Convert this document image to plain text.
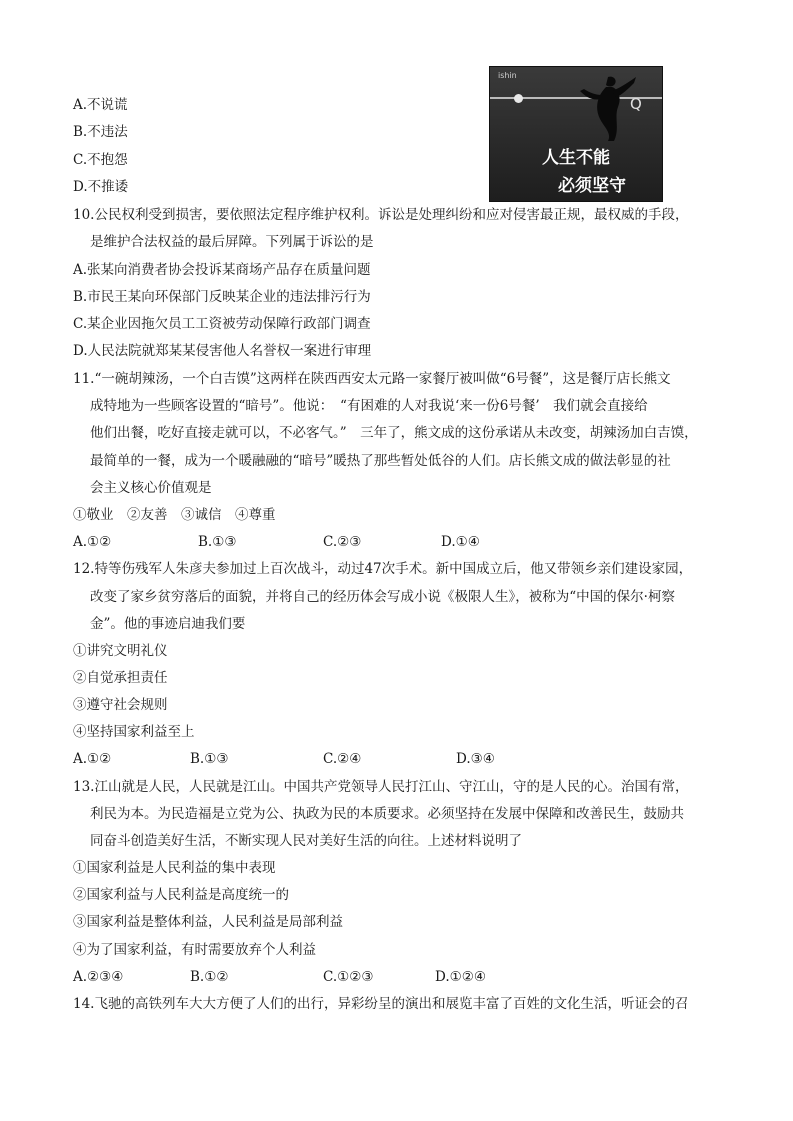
ishin
Q
人生不能
必须坚守
A.不说谎
B.不违法
C.不抱怨
D.不推诿
10.公民权利受到损害，要依照法定程序维护权利。诉讼是处理纠纷和应对侵害最正规，最权威的手段，
是维护合法权益的最后屏障。下列属于诉讼的是
A.张某向消费者协会投诉某商场产品存在质量问题
B.市民王某向环保部门反映某企业的违法排污行为
C.某企业因拖欠员工工资被劳动保障行政部门调查
D.人民法院就郑某某侵害他人名誉权一案进行审理
11.“一碗胡辣汤，一个白吉馍”这两样在陕西西安太元路一家餐厅被叫做“6号餐”，这是餐厅店长熊文
成特地为一些顾客设置的“暗号”。他说：　“有困难的人对我说‘来一份6号餐’　我们就会直接给
他们出餐，吃好直接走就可以，不必客气。”　三年了，熊文成的这份承诺从未改变，胡辣汤加白吉馍，
最简单的一餐，成为一个暖融融的“暗号”暖热了那些暂处低谷的人们。店长熊文成的做法彰显的社
会主义核心价值观是
①敬业　②友善　③诚信　④尊重
A.①②	B.①③	C.②③	D.①④
12.特等伤残军人朱彦夫参加过上百次战斗，动过47次手术。新中国成立后，他又带领乡亲们建设家园，
改变了家乡贫穷落后的面貌，并将自己的经历体会写成小说《极限人生》，被称为“中国的保尔·柯察
金”。他的事迹启迪我们要
①讲究文明礼仪
②自觉承担责任
③遵守社会规则
④坚持国家利益至上
A.①②	B.①③	C.②④	D.③④
13.江山就是人民，人民就是江山。中国共产党领导人民打江山、守江山，守的是人民的心。治国有常，
利民为本。为民造福是立党为公、执政为民的本质要求。必须坚持在发展中保障和改善民生，鼓励共
同奋斗创造美好生活，不断实现人民对美好生活的向往。上述材料说明了
①国家利益是人民利益的集中表现
②国家利益与人民利益是高度统一的
③国家利益是整体利益，人民利益是局部利益
④为了国家利益，有时需要放弃个人利益
A.②③④	B.①②	C.①②③	D.①②④
14.飞驰的高铁列车大大方便了人们的出行，异彩纷呈的演出和展览丰富了百姓的文化生活，听证会的召
